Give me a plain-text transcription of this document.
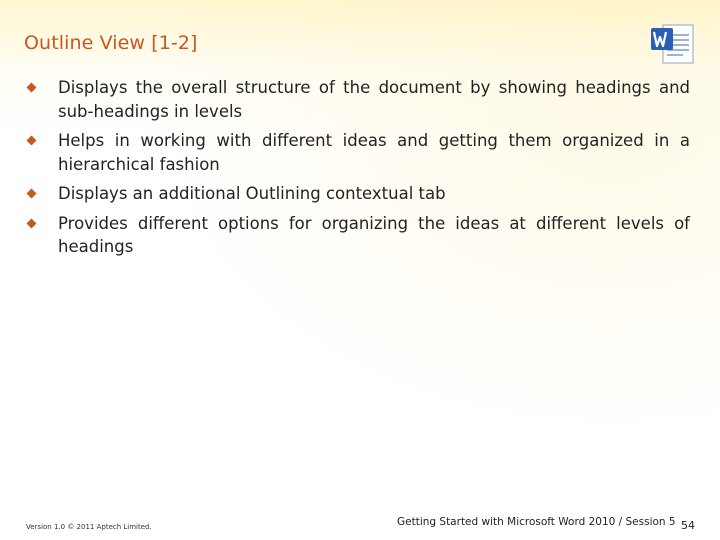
Outline View [1-2]
Displays the overall structure of the document by showing headings and sub-headings in levels
Helps in working with different ideas and getting them organized in a hierarchical fashion
Displays an additional Outlining contextual tab
Provides different options for organizing the ideas at different levels of headings
Version 1.0 © 2011 Aptech Limited.	Getting Started with Microsoft Word 2010 / Session 5 54
